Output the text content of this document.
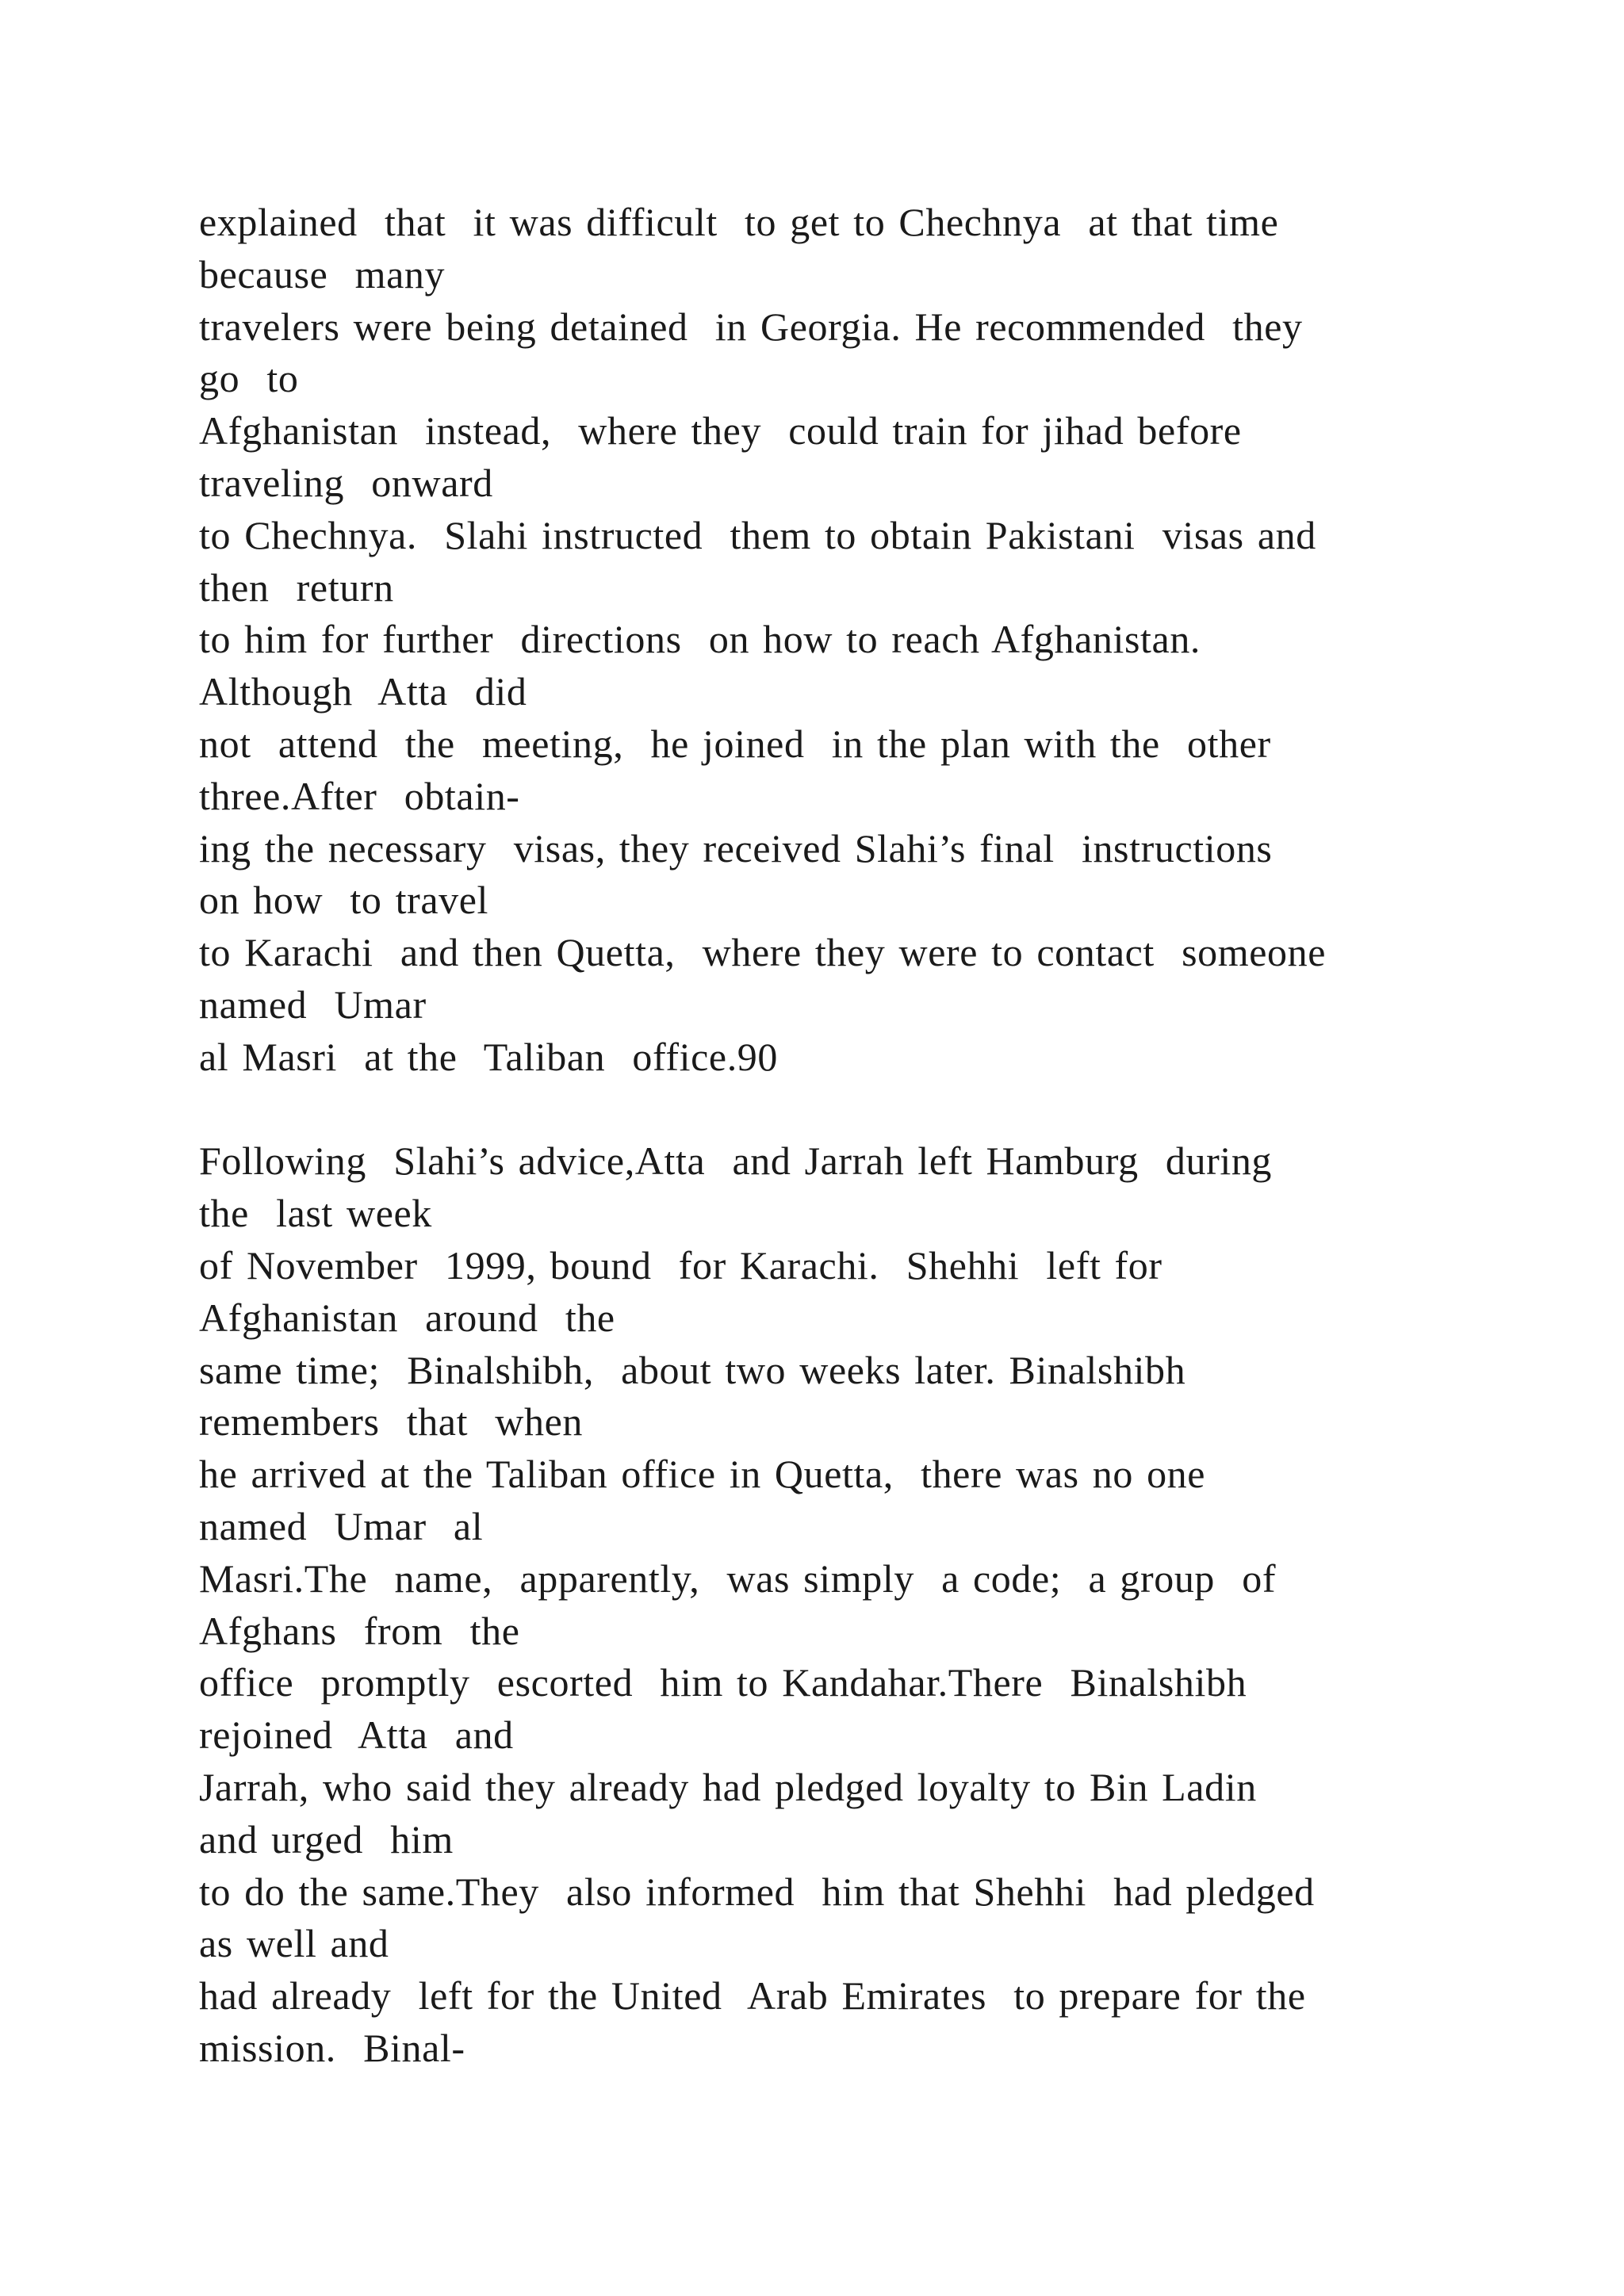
explained  that  it was difficult  to get to Chechnya  at that time
because  many
travelers were being detained  in Georgia. He recommended  they
go  to
Afghanistan  instead,  where they  could train for jihad before
traveling  onward
to Chechnya.  Slahi instructed  them to obtain Pakistani  visas and
then  return
to him for further  directions  on how to reach Afghanistan.
Although  Atta  did
not  attend  the  meeting,  he joined  in the plan with the  other
three.After  obtain-
ing the necessary  visas, they received Slahi’s final  instructions
on how  to travel
to Karachi  and then Quetta,  where they were to contact  someone
named  Umar
al Masri  at the  Taliban  office.90
Following  Slahi’s advice,Atta  and Jarrah left Hamburg  during
the  last week
of November  1999, bound  for Karachi.  Shehhi  left for
Afghanistan  around  the
same time;  Binalshibh,  about two weeks later. Binalshibh
remembers  that  when
he arrived at the Taliban office in Quetta,  there was no one
named  Umar  al
Masri.The  name,  apparently,  was simply  a code;  a group  of
Afghans  from  the
office  promptly  escorted  him to Kandahar.There  Binalshibh
rejoined  Atta  and
Jarrah, who said they already had pledged loyalty to Bin Ladin
and urged  him
to do the same.They  also informed  him that Shehhi  had pledged
as well and
had already  left for the United  Arab Emirates  to prepare for the
mission.  Binal-
